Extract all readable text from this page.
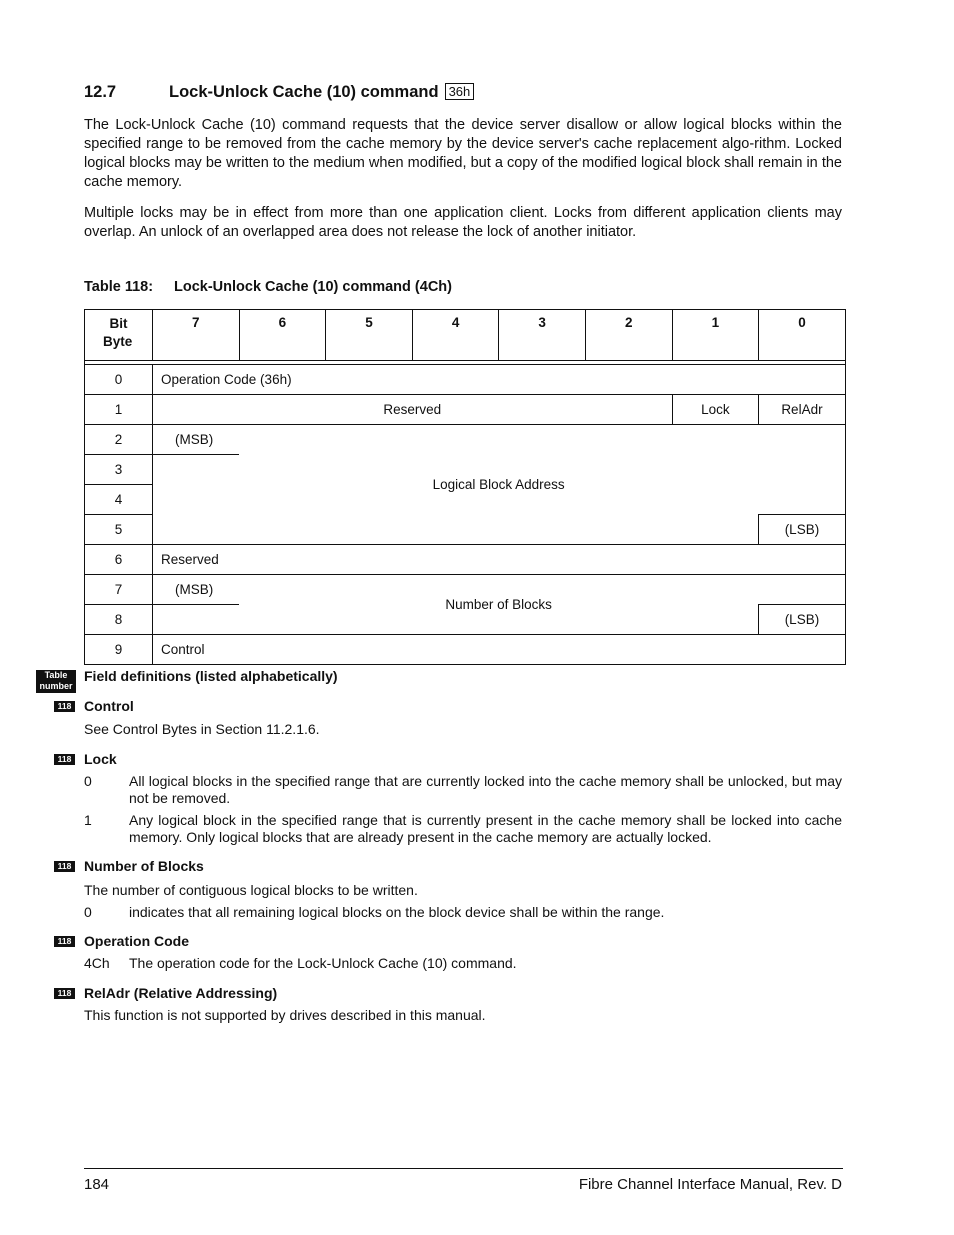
12.7	Lock-Unlock Cache (10) command 36h
The Lock-Unlock Cache (10) command requests that the device server disallow or allow logical blocks within the specified range to be removed from the cache memory by the device server's cache replacement algo-rithm. Locked logical blocks may be written to the medium when modified, but a copy of the modified logical block shall remain in the cache memory.
Multiple locks may be in effect from more than one application client. Locks from different application clients may overlap. An unlock of an overlapped area does not release the lock of another initiator.
Table 118: Lock-Unlock Cache (10) command (4Ch)
Bit
Byte	7	6	5	4	3	2	1	0

0	Operation Code (36h)							
1	Reserved						Lock	RelAdr
2	(MSB)	Logical Block Address						
3								
4								
5								(LSB)
6	Reserved							
7	(MSB)	Number of Blocks						
8								(LSB)
9	Control							
Table
number
Field definitions (listed alphabetically)
118 Control
See Control Bytes in Section 11.2.1.6.
118 Lock
0	All logical blocks in the specified range that are currently locked into the cache memory shall be unlocked, but may not be removed.
1	Any logical block in the specified range that is currently present in the cache memory shall be locked into cache memory. Only logical blocks that are already present in the cache memory are actually locked.
118 Number of Blocks
The number of contiguous logical blocks to be written.
0	indicates that all remaining logical blocks on the block device shall be within the range.
118 Operation Code
4Ch The operation code for the Lock-Unlock Cache (10) command.
118 RelAdr (Relative Addressing)
This function is not supported by drives described in this manual.
184	Fibre Channel Interface Manual, Rev. D
